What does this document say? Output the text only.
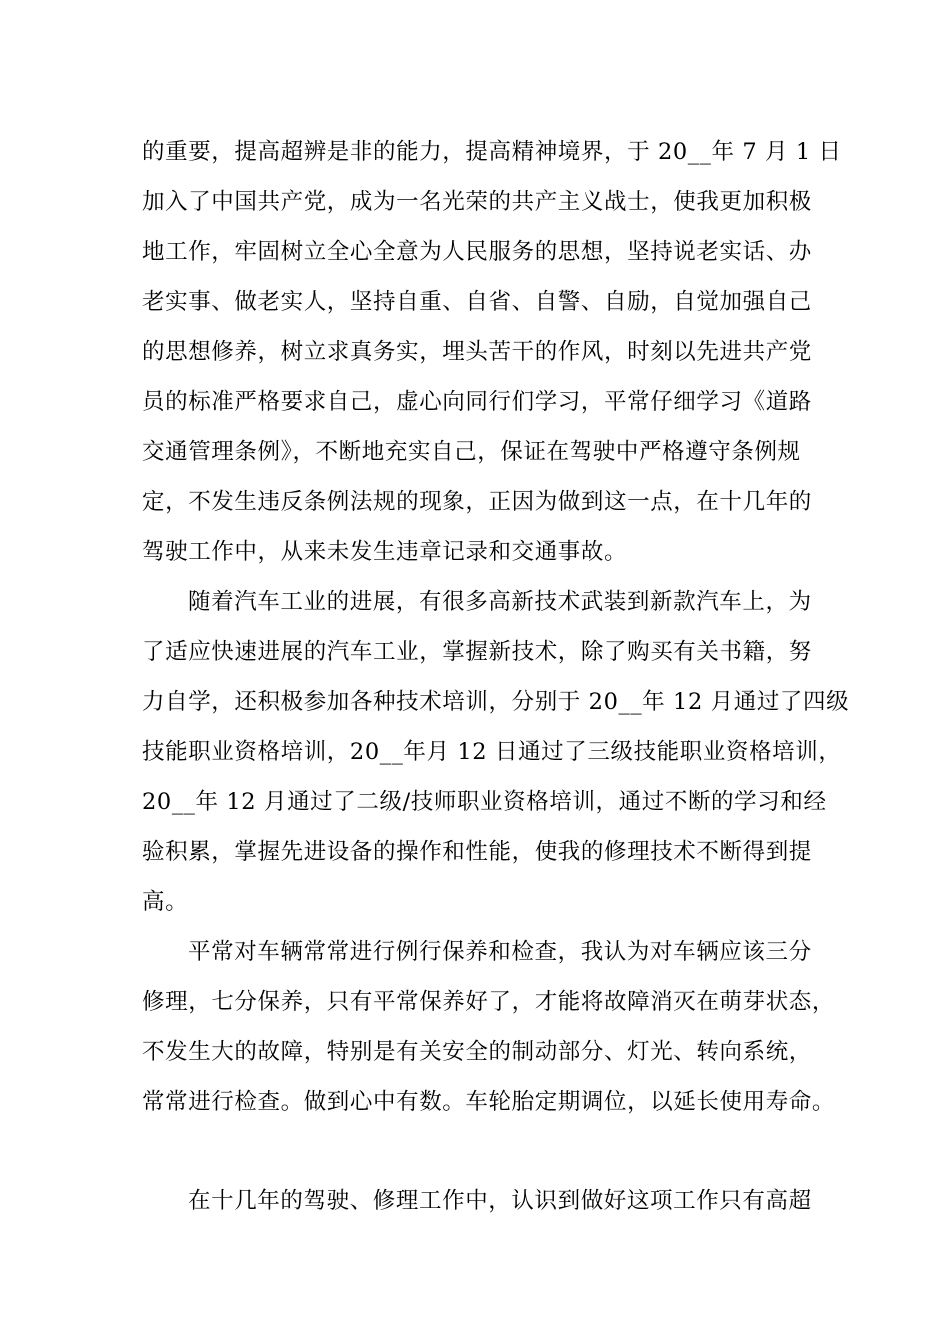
的重要，提高超辨是非的能力，提高精神境界，于 20__年 7 月 1 日
加入了中国共产党，成为一名光荣的共产主义战士，使我更加积极
地工作，牢固树立全心全意为人民服务的思想，坚持说老实话、办
老实事、做老实人，坚持自重、自省、自警、自励，自觉加强自己
的思想修养，树立求真务实，埋头苦干的作风，时刻以先进共产党
员的标准严格要求自己，虚心向同行们学习，平常仔细学习《道路
交通管理条例》，不断地充实自己，保证在驾驶中严格遵守条例规
定，不发生违反条例法规的现象，正因为做到这一点，在十几年的
驾驶工作中，从来未发生违章记录和交通事故。
随着汽车工业的进展，有很多高新技术武装到新款汽车上，为
了适应快速进展的汽车工业，掌握新技术，除了购买有关书籍，努
力自学，还积极参加各种技术培训，分别于 20__年 12 月通过了四级
技能职业资格培训，20__年月 12 日通过了三级技能职业资格培训，
20__年 12 月通过了二级/技师职业资格培训，通过不断的学习和经
验积累，掌握先进设备的操作和性能，使我的修理技术不断得到提
高。
平常对车辆常常进行例行保养和检查，我认为对车辆应该三分
修理，七分保养，只有平常保养好了，才能将故障消灭在萌芽状态，
不发生大的故障，特别是有关安全的制动部分、灯光、转向系统，
常常进行检查。做到心中有数。车轮胎定期调位，以延长使用寿命。
在十几年的驾驶、修理工作中，认识到做好这项工作只有高超
